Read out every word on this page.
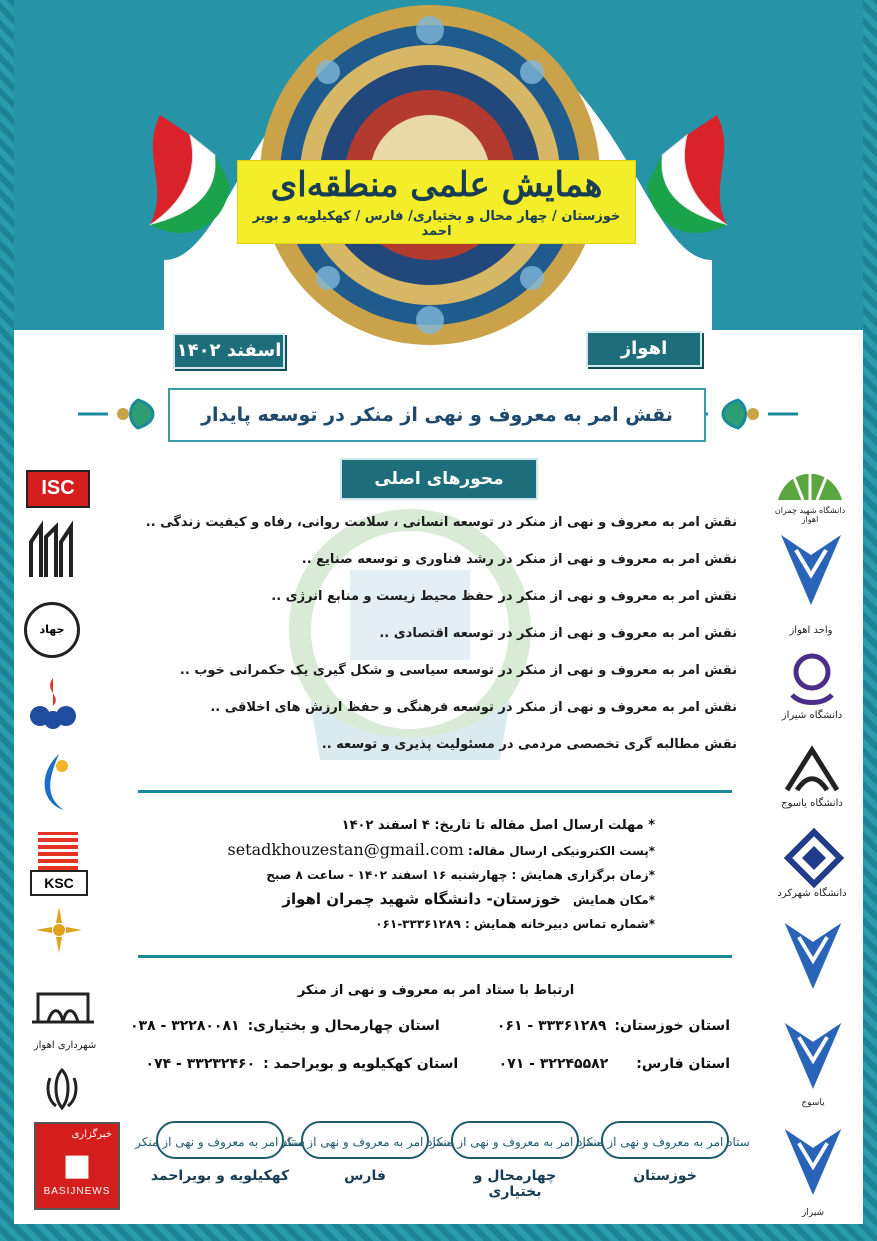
همایش علمی منطقه‌ای
خوزستان / چهار محال و بختیاری/ فارس / کهکیلویه و بویر احمد
اهواز
اسفند ۱۴۰۲
نقش امر به معروف و نهی از منکر در توسعه پایدار
محورهای اصلی
نقش امر به معروف و نهی از منکر در توسعه انسانی ، سلامت روانی، رفاه و کیفیت زندگی ..
نقش امر به معروف و نهی از منکر در رشد فناوری و توسعه صنایع ..
نقش امر به معروف و نهی از منکر در حفظ محیط زیست و منابع انرژی ..
نقش امر به معروف و نهی از منکر در توسعه اقتصادی ..
نقش امر به معروف و نهی از منکر در توسعه سیاسی و شکل گیری یک حکمرانی خوب ..
نقش امر به معروف و نهی از منکر در توسعه فرهنگی و حفظ ارزش های اخلاقی ..
نقش مطالبه گری تخصصی مردمی در مسئولیت پذیری و توسعه ..
* مهلت ارسال اصل مقاله تا تاریخ: ۴ اسفند ۱۴۰۲
*پست الکترونیکی ارسال مقاله: setadkhouzestan@gmail.com
*زمان برگزاری همایش : چهارشنبه ۱۶ اسفند ۱۴۰۲ - ساعت ۸ صبح
*مکان همایش خوزستان- دانشگاه شهید چمران اهواز
*شماره تماس دبیرخانه همایش : ۳۳۳۶۱۲۸۹-۰۶۱
ارتباط با ستاد امر به معروف و نهی از منکر
استان خوزستان:
۳۳۳۶۱۲۸۹ - ۰۶۱
استان چهارمحال و بختیاری:
۳۲۲۸۰۰۸۱ - ۰۳۸
استان فارس:
۳۲۲۴۵۵۸۲ - ۰۷۱
استان کهکیلویه و بویراحمد :
۳۳۲۳۲۴۶۰ - ۰۷۴
ستاد امر به معروف و نهی از منکر
خوزستان
ستاد امر به معروف و نهی از منکر
چهارمحال و بختیاری
ستاد امر به معروف و نهی از منکر
فارس
ستاد امر به معروف و نهی از منکر
کهکیلویه و بویراحمد
ISC
جهاد
KSC
شهرداری اهواز
خبرگزاری
■
BASIJNEWS
دانشگاه شهید چمران اهواز
واحد اهواز
دانشگاه شیراز
دانشگاه یاسوج
دانشگاه شهرکرد
یاسوج
شیراز
